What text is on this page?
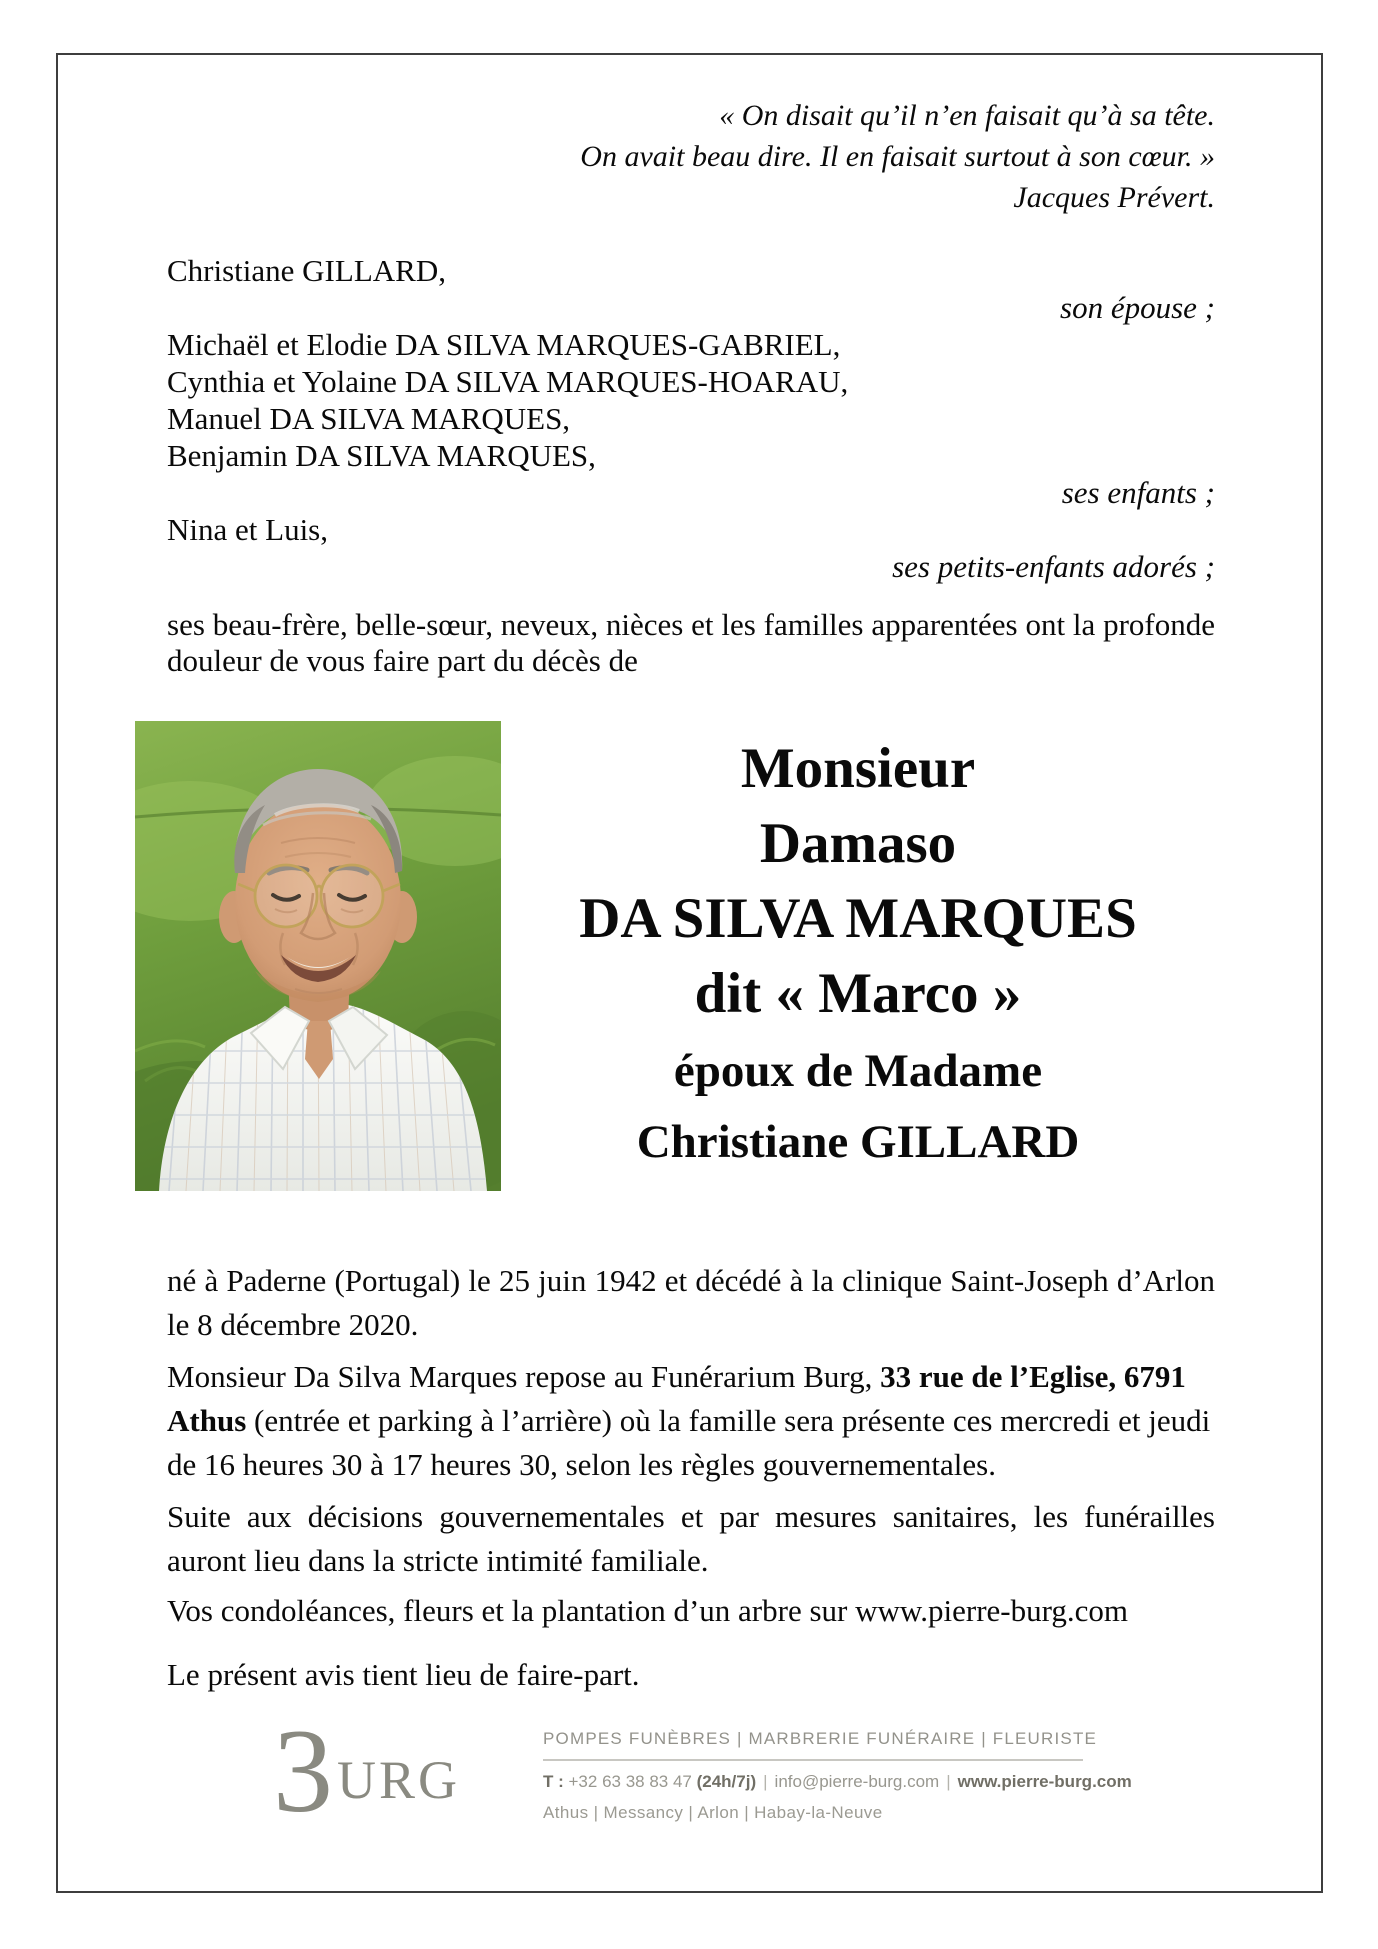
« On disait qu’il n’en faisait qu’à sa tête.
On avait beau dire. Il en faisait surtout à son cœur. »
Jacques Prévert.
Christiane GILLARD,
son épouse ;
Michaël et Elodie DA SILVA MARQUES-GABRIEL,
Cynthia et Yolaine DA SILVA MARQUES-HOARAU,
Manuel DA SILVA MARQUES,
Benjamin DA SILVA MARQUES,
ses enfants ;
Nina et Luis,
ses petits-enfants adorés ;

ses beau-frère, belle-sœur, neveux, nièces et les familles apparentées ont la profonde douleur de vous faire part du décès de

Monsieur
Damaso
DA SILVA MARQUES
dit « Marco »
époux de Madame
Christiane GILLARD

né à Paderne (Portugal) le 25 juin 1942 et décédé à la clinique Saint-Joseph d’Arlon le 8 décembre 2020.

Monsieur Da Silva Marques repose au Funérarium Burg, 33 rue de l’Eglise, 6791 Athus (entrée et parking à l’arrière) où la famille sera présente ces mercredi et jeudi de 16 heures 30 à 17 heures 30, selon les règles gouvernementales.

Suite aux décisions gouvernementales et par mesures sanitaires, les funérailles auront lieu dans la stricte intimité familiale.

Vos condoléances, fleurs et la plantation d’un arbre sur www.pierre-burg.com

Le présent avis tient lieu de faire-part.

3 URG
POMPES FUNÈBRES | MARBRERIE FUNÉRAIRE | FLEURISTE
T : +32 63 38 83 47 (24h/7j) | info@pierre-burg.com | www.pierre-burg.com
Athus | Messancy | Arlon | Habay-la-Neuve
